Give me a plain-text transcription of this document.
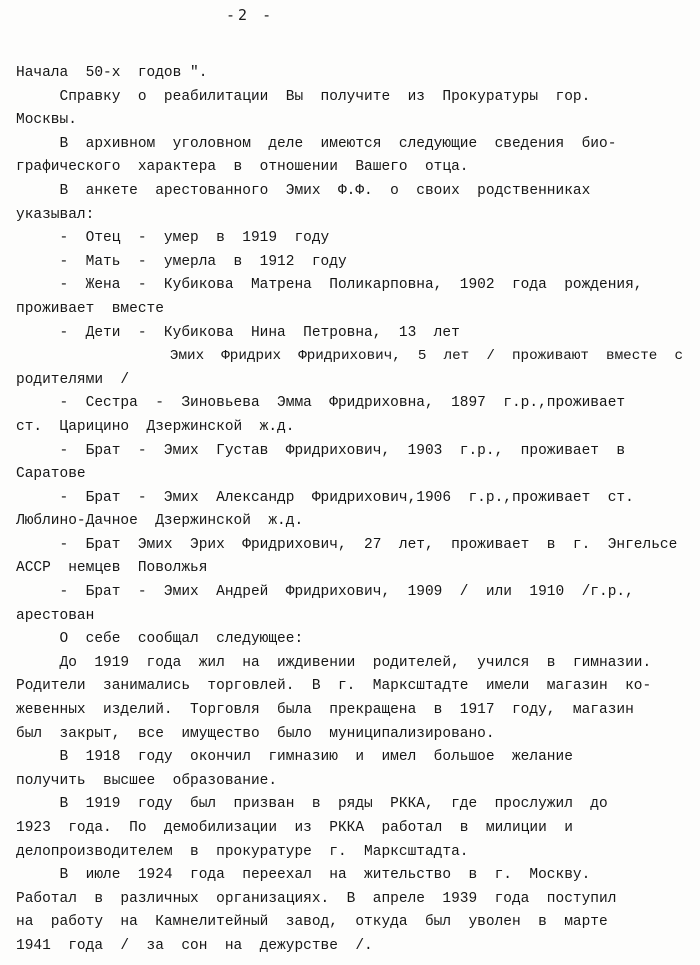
-2 -
Начала  50-х  годов ".
Справку  о  реабилитации  Вы  получите  из  Прокуратуры  гор.
Москвы.
В  архивном  уголовном  деле  имеются  следующие  сведения  био-
графического  характера  в  отношении  Вашего  отца.
В  анкете  арестованного  Эмих  Ф.Ф.  о  своих  родственниках
указывал:
-  Отец  -  умер  в  1919  году
-  Мать  -  умерла  в  1912  году
-  Жена  -  Кубикова  Матрена  Поликарповна,  1902  года  рождения,
проживает  вместе
-  Дети  -  Кубикова  Нина  Петровна,  13  лет
Эмих  Фридрих  Фридрихович,  5  лет  /  проживают  вместе  с
родителями  /
-  Сестра  -  Зиновьева  Эмма  Фридриховна,  1897  г.р.,проживает
ст.  Царицино  Дзержинской  ж.д.
-  Брат  -  Эмих  Густав  Фридрихович,  1903  г.р.,  проживает  в
Саратове
-  Брат  -  Эмих  Александр  Фридрихович,1906  г.р.,проживает  ст.
Люблино-Дачное  Дзержинской  ж.д.
-  Брат  Эмих  Эрих  Фридрихович,  27  лет,  проживает  в  г.  Энгельсе
АССР  немцев  Поволжья
-  Брат  -  Эмих  Андрей  Фридрихович,  1909  /  или  1910  /г.р.,
арестован
О  себе  сообщал  следующее:
До  1919  года  жил  на  иждивении  родителей,  учился  в  гимназии.
Родители  занимались  торговлей.  В  г.  Марксштадте  имели  магазин  ко-
жевенных  изделий.  Торговля  была  прекращена  в  1917  году,  магазин
был  закрыт,  все  имущество  было  муниципализировано.
В  1918  году  окончил  гимназию  и  имел  большое  желание
получить  высшее  образование.
В  1919  году  был  призван  в  ряды  РККА,  где  прослужил  до
1923  года.  По  демобилизации  из  РККА  работал  в  милиции  и
делопроизводителем  в  прокуратуре  г.  Марксштадта.
В  июле  1924  года  переехал  на  жительство  в  г.  Москву.
Работал  в  различных  организациях.  В  апреле  1939  года  поступил
на  работу  на  Камнелитейный  завод,  откуда  был  уволен  в  марте
1941  года  /  за  сон  на  дежурстве  /.
